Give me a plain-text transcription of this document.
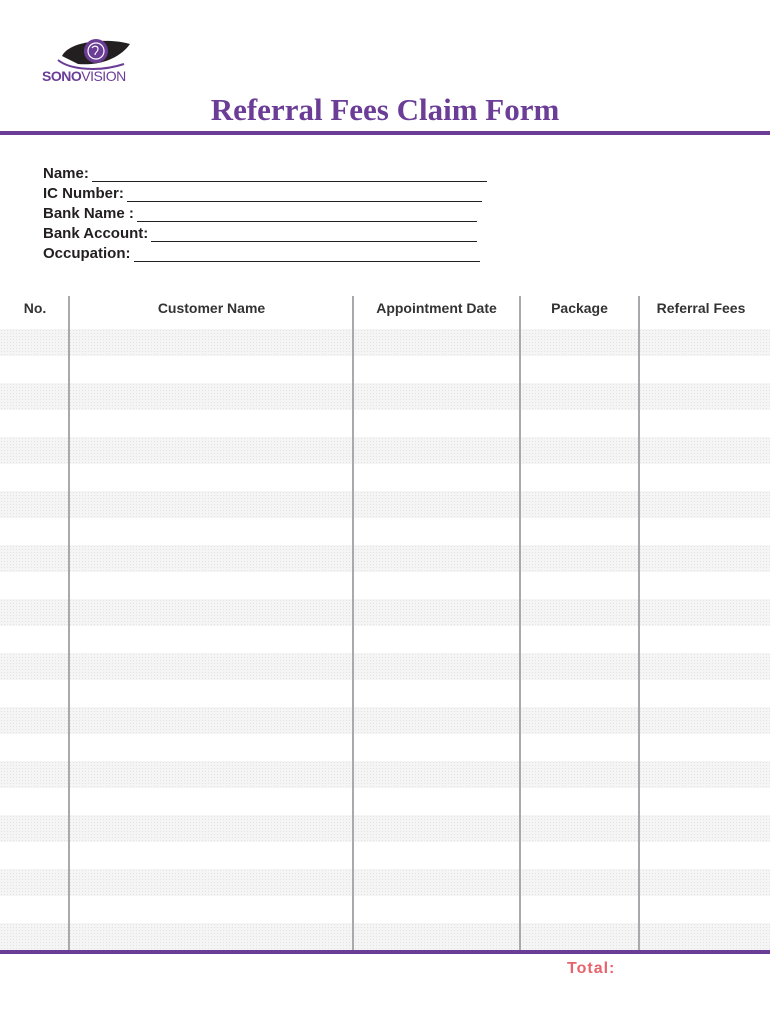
SONOVISION
Referral Fees Claim Form
Name:
IC Number:
Bank Name :
Bank Account:
Occupation:
No.	Customer Name	Appointment Date	Package	Referral Fees
Total:
